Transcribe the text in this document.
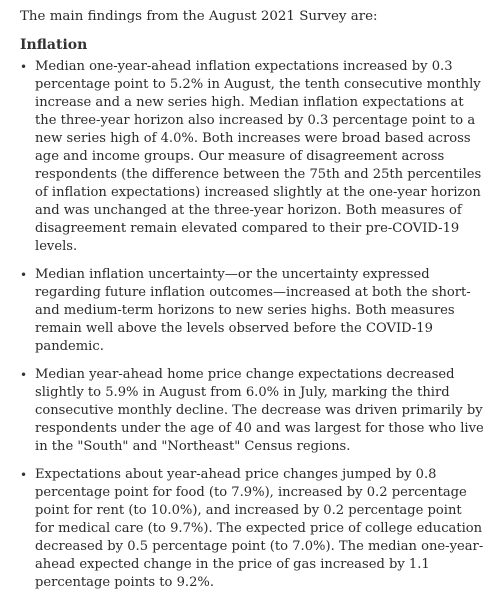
The main findings from the August 2021 Survey are:

Inflation
• Median one-year-ahead inflation expectations increased by 0.3 percentage point to 5.2% in August, the tenth consecutive monthly increase and a new series high. Median inflation expectations at the three-year horizon also increased by 0.3 percentage point to a new series high of 4.0%. Both increases were broad based across age and income groups. Our measure of disagreement across respondents (the difference between the 75th and 25th percentiles of inflation expectations) increased slightly at the one-year horizon and was unchanged at the three-year horizon. Both measures of disagreement remain elevated compared to their pre-COVID-19 levels.
• Median inflation uncertainty—or the uncertainty expressed regarding future inflation outcomes—increased at both the short- and medium-term horizons to new series highs. Both measures remain well above the levels observed before the COVID-19 pandemic.
• Median year-ahead home price change expectations decreased slightly to 5.9% in August from 6.0% in July, marking the third consecutive monthly decline. The decrease was driven primarily by respondents under the age of 40 and was largest for those who live in the "South" and "Northeast" Census regions.
• Expectations about year-ahead price changes jumped by 0.8 percentage point for food (to 7.9%), increased by 0.2 percentage point for rent (to 10.0%), and increased by 0.2 percentage point for medical care (to 9.7%). The expected price of college education decreased by 0.5 percentage point (to 7.0%). The median one-year-ahead expected change in the price of gas increased by 1.1 percentage points to 9.2%.
